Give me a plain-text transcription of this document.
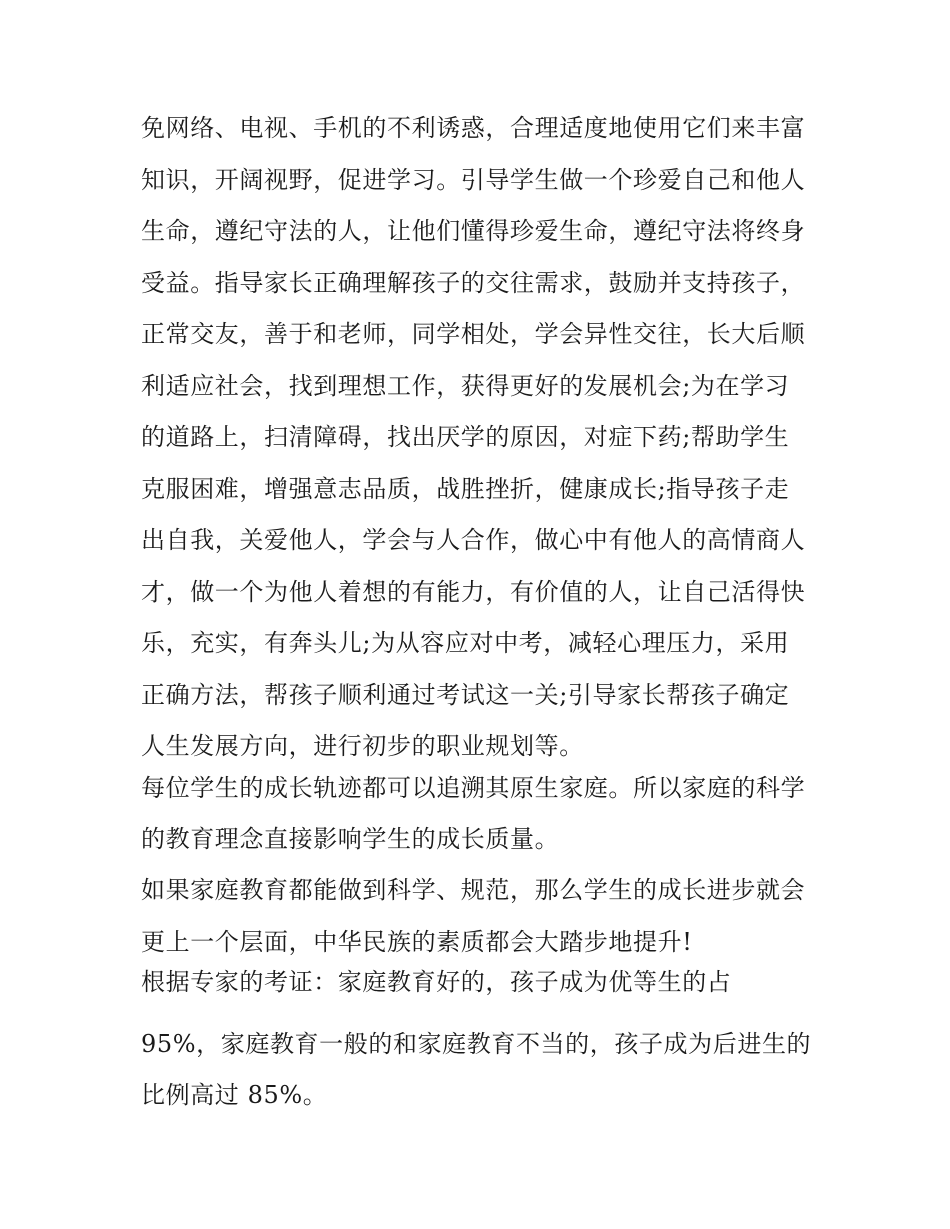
免网络、电视、手机的不利诱惑，合理适度地使用它们来丰富
知识，开阔视野，促进学习。引导学生做一个珍爱自己和他人
生命，遵纪守法的人，让他们懂得珍爱生命，遵纪守法将终身
受益。指导家长正确理解孩子的交往需求，鼓励并支持孩子，
正常交友，善于和老师，同学相处，学会异性交往，长大后顺
利适应社会，找到理想工作，获得更好的发展机会;为在学习
的道路上，扫清障碍，找出厌学的原因，对症下药;帮助学生
克服困难，增强意志品质，战胜挫折，健康成长;指导孩子走
出自我，关爱他人，学会与人合作，做心中有他人的高情商人
才，做一个为他人着想的有能力，有价值的人，让自己活得快
乐，充实，有奔头儿;为从容应对中考，减轻心理压力，采用
正确方法，帮孩子顺利通过考试这一关;引导家长帮孩子确定
人生发展方向，进行初步的职业规划等。
每位学生的成长轨迹都可以追溯其原生家庭。所以家庭的科学
的教育理念直接影响学生的成长质量。
如果家庭教育都能做到科学、规范，那么学生的成长进步就会
更上一个层面，中华民族的素质都会大踏步地提升!
根据专家的考证：家庭教育好的，孩子成为优等生的占
95%，家庭教育一般的和家庭教育不当的，孩子成为后进生的
比例高过 85%。
